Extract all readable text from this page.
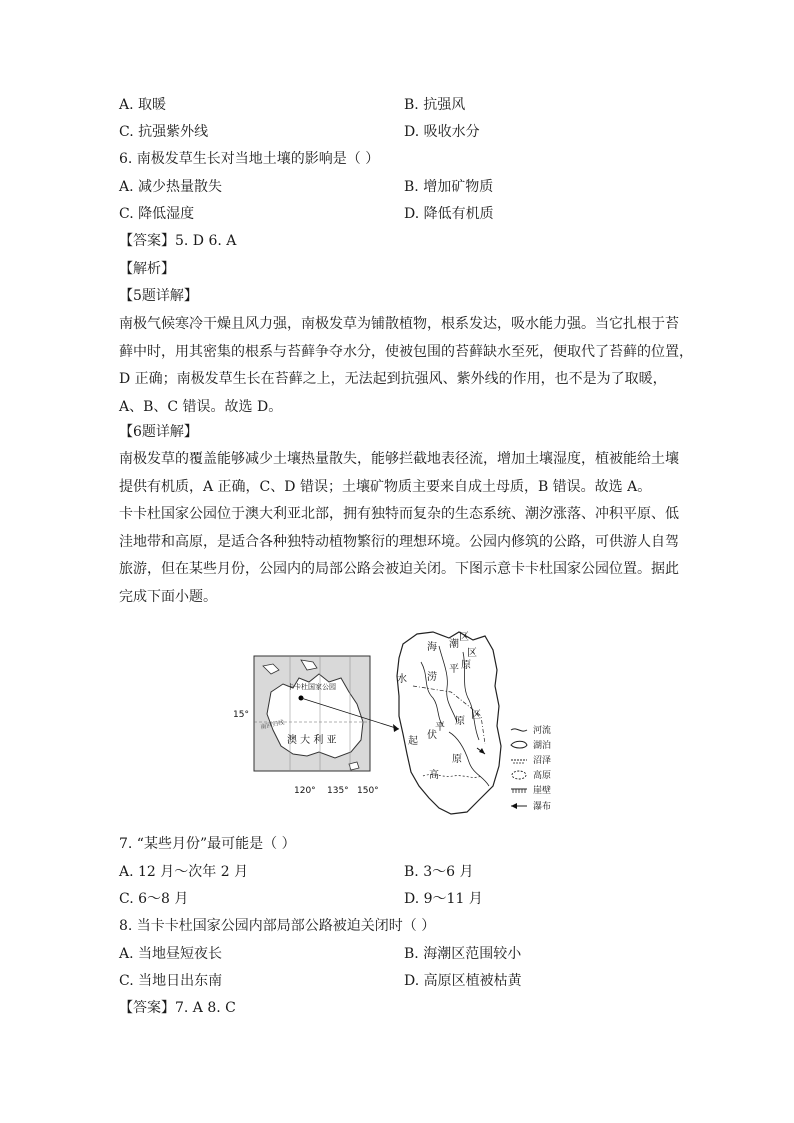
A. 取暖	B. 抗强风
C. 抗强紫外线	D. 吸收水分
6. 南极发草生长对当地土壤的影响是（ ）
A. 减少热量散失	B. 增加矿物质
C. 降低湿度	D. 降低有机质
【答案】5. D 6. A
【解析】
【5题详解】
南极气候寒冷干燥且风力强，南极发草为铺散植物，根系发达，吸水能力强。当它扎根于苔
藓中时，用其密集的根系与苔藓争夺水分，使被包围的苔藓缺水至死，便取代了苔藓的位置，
D 正确；南极发草生长在苔藓之上，无法起到抗强风、紫外线的作用，也不是为了取暖，
A、B、C 错误。故选 D。
【6题详解】
南极发草的覆盖能够减少土壤热量散失，能够拦截地表径流，增加土壤湿度，植被能给土壤
提供有机质，A 正确，C、D 错误；土壤矿物质主要来自成土母质，B 错误。故选 A。
卡卡杜国家公园位于澳大利亚北部，拥有独特而复杂的生态系统、潮汐涨落、冲积平原、低
洼地带和高原，是适合各种独特动植物繁衍的理想环境。公园内修筑的公路，可供游人自驾
旅游，但在某些月份，公园内的局部公路会被迫关闭。下图示意卡卡杜国家公园位置。据此
完成下面小题。
卡卡杜国家公园
澳 大 利 亚
南回归线
15°
120° 135° 150°
海 潮
区
水 涝
平 原
区
平
原
区
起
伏
原
高
河流
湖泊
沼泽
高原
崖壁
瀑布
7. “某些月份”最可能是（ ）
A. 12 月～次年 2 月	B. 3～6 月
C. 6～8 月	D. 9～11 月
8. 当卡卡杜国家公园内部局部公路被迫关闭时（ ）
A. 当地昼短夜长	B. 海潮区范围较小
C. 当地日出东南	D. 高原区植被枯黄
【答案】7. A 8. C
